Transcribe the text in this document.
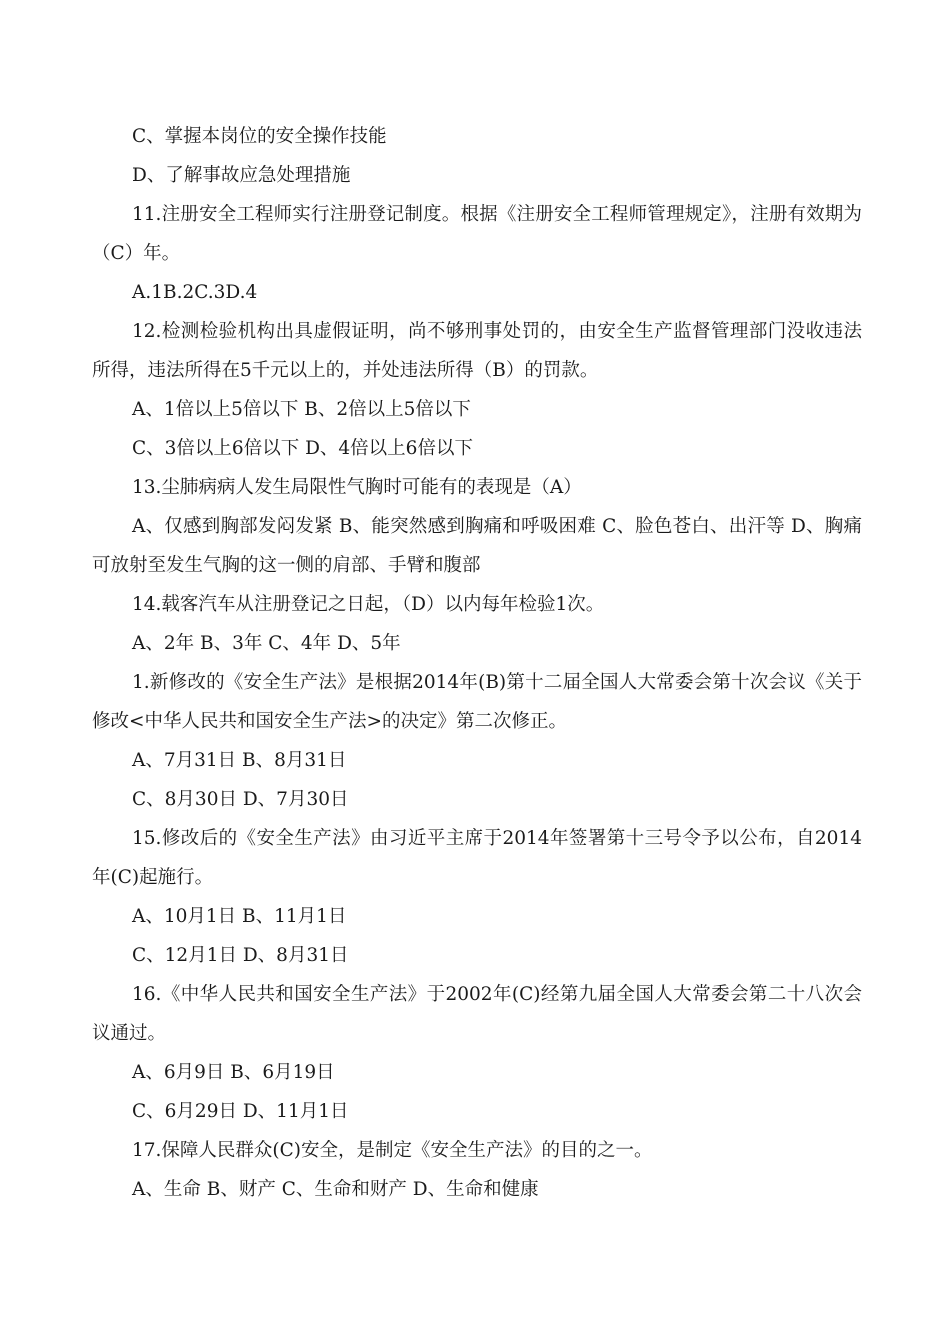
C、掌握本岗位的安全操作技能

D、了解事故应急处理措施

11.注册安全工程师实行注册登记制度。根据《注册安全工程师管理规定》，注册有效期为（C）年。

A.1B.2C.3D.4

12.检测检验机构出具虚假证明，尚不够刑事处罚的，由安全生产监督管理部门没收违法所得，违法所得在5千元以上的，并处违法所得（B）的罚款。

A、1倍以上5倍以下 B、2倍以上5倍以下

C、3倍以上6倍以下 D、4倍以上6倍以下

13.尘肺病病人发生局限性气胸时可能有的表现是（A）

A、仅感到胸部发闷发紧 B、能突然感到胸痛和呼吸困难 C、脸色苍白、出汗等 D、胸痛可放射至发生气胸的这一侧的肩部、手臂和腹部

14.载客汽车从注册登记之日起，（D）以内每年检验1次。

A、2年 B、3年 C、4年 D、5年

1.新修改的《安全生产法》是根据2014年(B)第十二届全国人大常委会第十次会议《关于修改<中华人民共和国安全生产法>的决定》第二次修正。

A、7月31日 B、8月31日

C、8月30日 D、7月30日

15.修改后的《安全生产法》由习近平主席于2014年签署第十三号令予以公布，自2014年(C)起施行。

A、10月1日 B、11月1日

C、12月1日 D、8月31日

16.《中华人民共和国安全生产法》于2002年(C)经第九届全国人大常委会第二十八次会议通过。

A、6月9日 B、6月19日

C、6月29日 D、11月1日

17.保障人民群众(C)安全，是制定《安全生产法》的目的之一。

A、生命 B、财产 C、生命和财产 D、生命和健康
